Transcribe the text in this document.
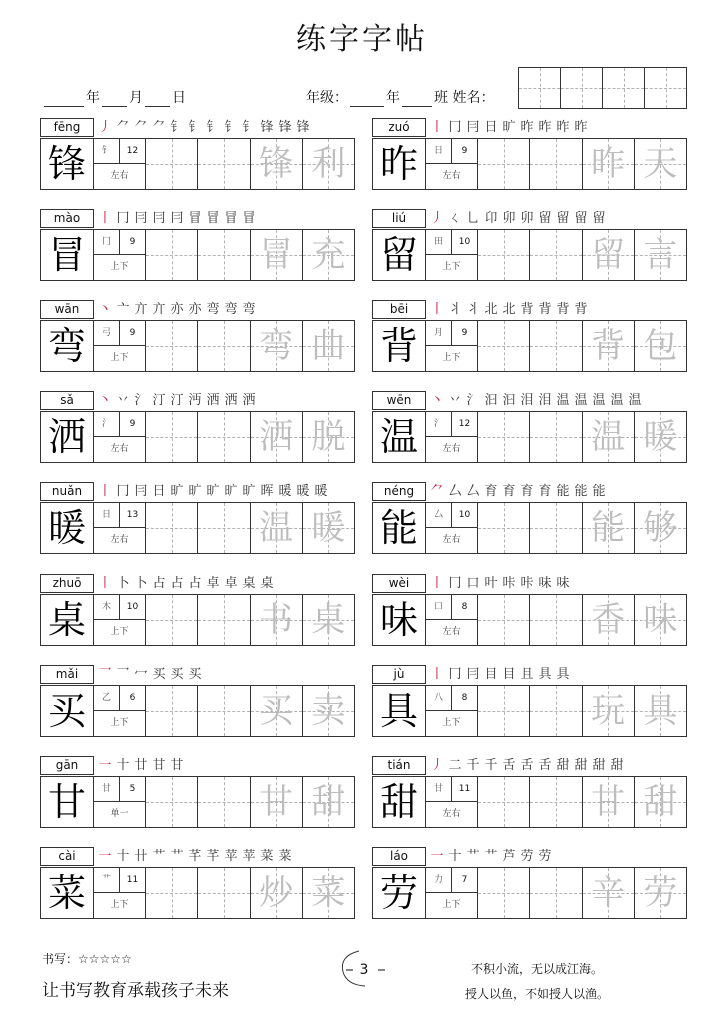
练字字帖
年 月 日	年级：	年 班 姓名：
fēng	丿 ⺈ ⺈ ⺈ 钅 钅 钅 钅 钅 锋 锋 锋
锋	钅	12
左右	锋 利
zuó	丨 冂 冃 日 旷 昨 昨 昨 昨
昨	日	9
左右	昨 天
mào	丨 冂 冃 冃 冃 冒 冒 冒 冒
冒	冂	9
上下	冒 充
liú	丿 ㄑ 乚 卬 卯 卯 留 留 留 留
留	田	10
上下	留 言
wān	丶 亠 亣 亣 亦 亦 弯 弯 弯
弯	弓	9
上下	弯 曲
bēi	丨 丬 丬 北 北 背 背 背 背
背	月	9
上下	背 包
sǎ	丶 丷 氵 汀 汀 沔 洒 洒 洒
洒	氵	9
左右	洒 脱
wēn	丶 丷 氵 汩 汩 泪 泪 温 温 温 温 温
温	氵	12
左右	温 暖
nuǎn	丨 冂 冃 日 旷 旷 旷 旷 旷 晖 暖 暖 暖
暖	日	13
左右	温 暖
néng	⺈ 厶 厶 育 育 育 育 能 能 能
能	厶	10
左右	能 够
zhuō	丨 卜 卜 占 占 占 卓 卓 桌 桌
桌	木	10
上下	书 桌
wèi	丨 冂 口 叶 咔 咔 味 味
味	口	8
左右	香 味
mǎi	乛 乛 冖 买 买 买
买	乙	6
上下	买 卖
jù	丨 冂 冃 目 目 且 具 具
具	八	8
上下	玩 具
gān	一 十 廿 甘 甘
甘	甘	5
单一	甘 甜
tián	丿 二 千 千 舌 舌 舌 甜 甜 甜 甜
甜	甘	11
左右	甘 甜
cài	一 十 卄 艹 艹 芊 芊 苹 苹 菜 菜
菜	艹	11
上下	炒 菜
láo	一 十 艹 艹 芦 劳 劳
劳	力	7
上下	辛 劳
书写：☆☆☆☆☆
让书写教育承载孩子未来
3	不积小流，无以成江海。
授人以鱼，不如授人以渔。
